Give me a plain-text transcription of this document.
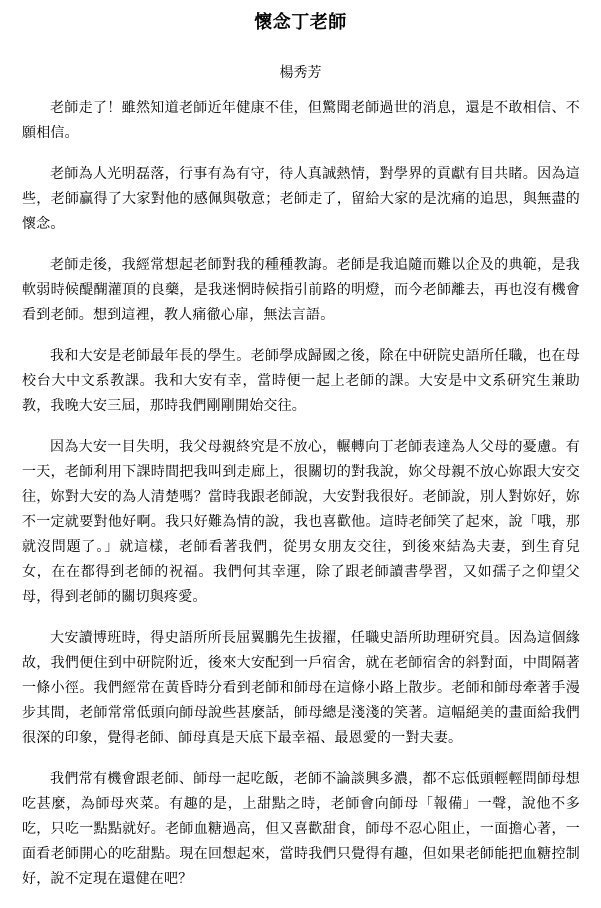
懷念丁老師
楊秀芳

老師走了！雖然知道老師近年健康不佳，但驚聞老師過世的消息，還是不敢相信、不願相信。

老師為人光明磊落，行事有為有守，待人真誠熱情，對學界的貢獻有目共睹。因為這些，老師贏得了大家對他的感佩與敬意；老師走了，留給大家的是沈痛的追思，與無盡的懷念。

老師走後，我經常想起老師對我的種種教誨。老師是我追隨而難以企及的典範，是我軟弱時候醍醐灌頂的良藥，是我迷惘時候指引前路的明燈，而今老師離去，再也沒有機會看到老師。想到這裡，教人痛徹心扉，無法言語。

我和大安是老師最年長的學生。老師學成歸國之後，除在中研院史語所任職，也在母校台大中文系教課。我和大安有幸，當時便一起上老師的課。大安是中文系研究生兼助教，我晚大安三屆，那時我們剛剛開始交往。

因為大安一目失明，我父母親終究是不放心，輾轉向丁老師表達為人父母的憂慮。有一天，老師利用下課時間把我叫到走廊上，很關切的對我說，妳父母親不放心妳跟大安交往，妳對大安的為人清楚嗎？當時我跟老師說，大安對我很好。老師說，別人對妳好，妳不一定就要對他好啊。我只好難為情的說，我也喜歡他。這時老師笑了起來，說「哦，那就沒問題了。」就這樣，老師看著我們，從男女朋友交往，到後來結為夫妻，到生育兒女，在在都得到老師的祝福。我們何其幸運，除了跟老師讀書學習，又如孺子之仰望父母，得到老師的關切與疼愛。

大安讀博班時，得史語所所長屈翼鵬先生拔擢，任職史語所助理研究員。因為這個緣故，我們便住到中研院附近，後來大安配到一戶宿舍，就在老師宿舍的斜對面，中間隔著一條小徑。我們經常在黃昏時分看到老師和師母在這條小路上散步。老師和師母牽著手漫步其間，老師常常低頭向師母說些甚麼話，師母總是淺淺的笑著。這幅絕美的畫面給我們很深的印象，覺得老師、師母真是天底下最幸福、最恩愛的一對夫妻。

我們常有機會跟老師、師母一起吃飯，老師不論談興多濃，都不忘低頭輕輕問師母想吃甚麼，為師母夾菜。有趣的是，上甜點之時，老師會向師母「報備」一聲，說他不多吃，只吃一點點就好。老師血糖過高，但又喜歡甜食，師母不忍心阻止，一面擔心著，一面看老師開心的吃甜點。現在回想起來，當時我們只覺得有趣，但如果老師能把血糖控制好，說不定現在還健在吧？
